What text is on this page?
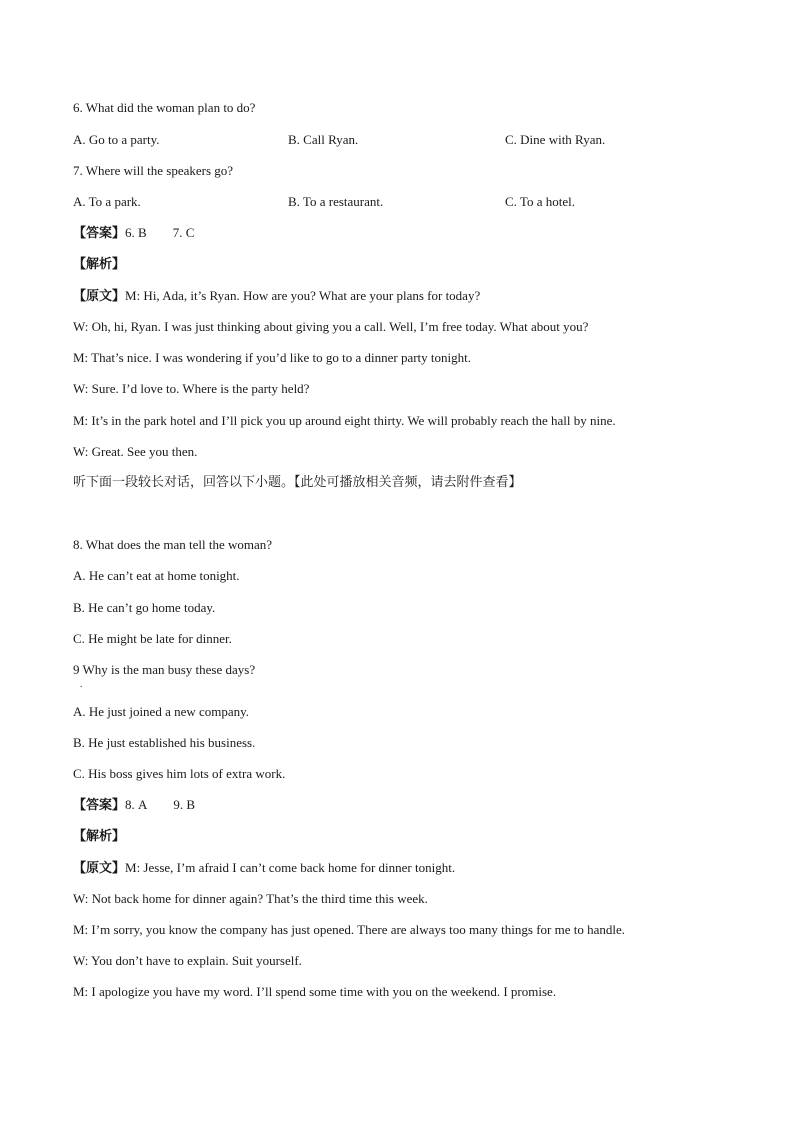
6. What did the woman plan to do?
A. Go to a party.	B. Call Ryan.	C. Dine with Ryan.
7. Where will the speakers go?
A. To a park.	B. To a restaurant.	C. To a hotel.
【答案】6. B 7. C
【解析】
【原文】M: Hi, Ada, it’s Ryan. How are you? What are your plans for today?
W: Oh, hi, Ryan. I was just thinking about giving you a call. Well, I’m free today. What about you?
M: That’s nice. I was wondering if you’d like to go to a dinner party tonight.
W: Sure. I’d love to. Where is the party held?
M: It’s in the park hotel and I’ll pick you up around eight thirty. We will probably reach the hall by nine.
W: Great. See you then.
听下面一段较长对话，回答以下小题。【此处可播放相关音频，请去附件查看】
8. What does the man tell the woman?
A. He can’t eat at home tonight.
B. He can’t go home today.
C. He might be late for dinner.
9 Why is the man busy these days?
.
A. He just joined a new company.
B. He just established his business.
C. His boss gives him lots of extra work.
【答案】8. A 9. B
【解析】
【原文】M: Jesse, I’m afraid I can’t come back home for dinner tonight.
W: Not back home for dinner again? That’s the third time this week.
M: I’m sorry, you know the company has just opened. There are always too many things for me to handle.
W: You don’t have to explain. Suit yourself.
M: I apologize you have my word. I’ll spend some time with you on the weekend. I promise.
